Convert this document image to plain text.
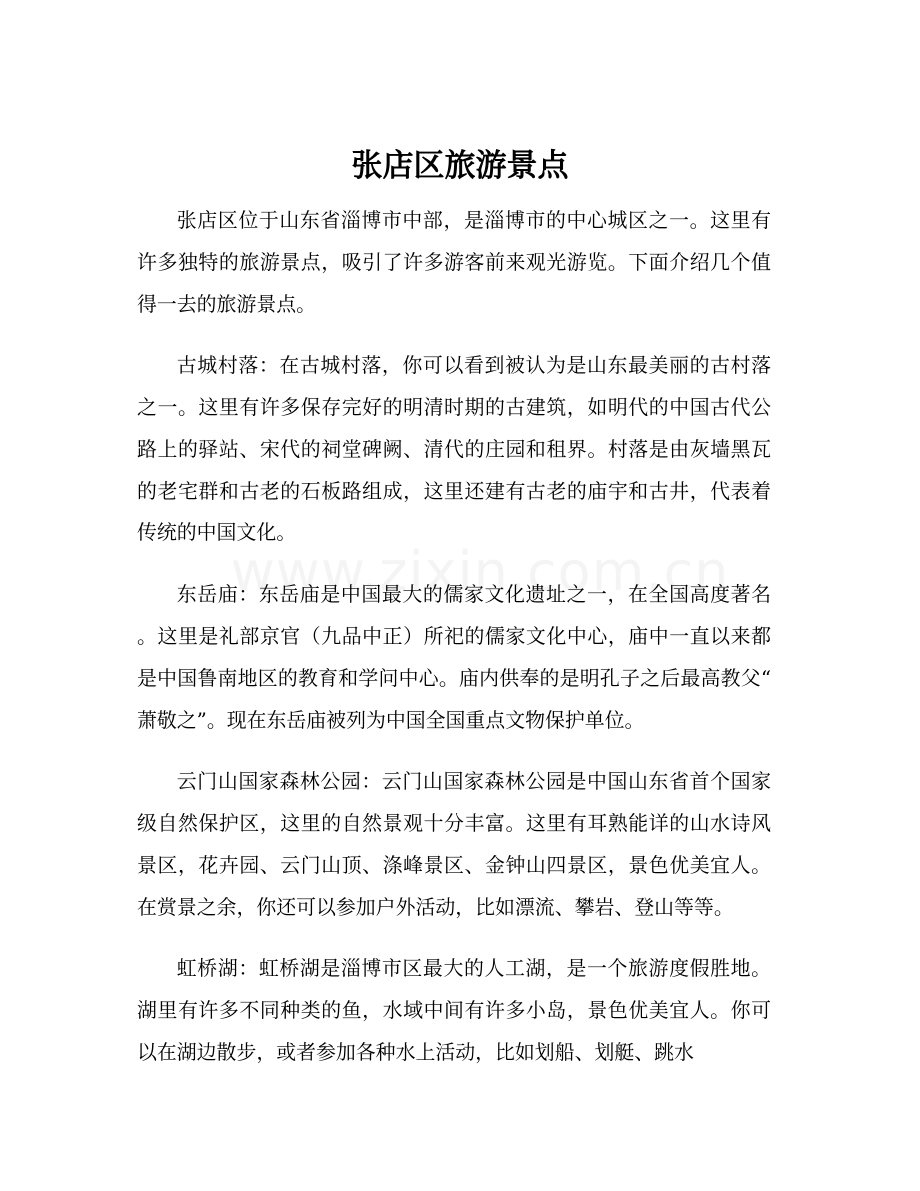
张店区旅游景点

张店区位于山东省淄博市中部，是淄博市的中心城区之一。这里有许多独特的旅游景点，吸引了许多游客前来观光游览。下面介绍几个值得一去的旅游景点。

古城村落：在古城村落，你可以看到被认为是山东最美丽的古村落之一。这里有许多保存完好的明清时期的古建筑，如明代的中国古代公路上的驿站、宋代的祠堂碑阙、清代的庄园和租界。村落是由灰墙黑瓦的老宅群和古老的石板路组成，这里还建有古老的庙宇和古井，代表着传统的中国文化。

东岳庙：东岳庙是中国最大的儒家文化遗址之一，在全国高度著名。这里是礼部京官（九品中正）所祀的儒家文化中心，庙中一直以来都是中国鲁南地区的教育和学问中心。庙内供奉的是明孔子之后最高教父“萧敬之”。现在东岳庙被列为中国全国重点文物保护单位。

云门山国家森林公园：云门山国家森林公园是中国山东省首个国家级自然保护区，这里的自然景观十分丰富。这里有耳熟能详的山水诗风景区，花卉园、云门山顶、涤峰景区、金钟山四景区，景色优美宜人。在赏景之余，你还可以参加户外活动，比如漂流、攀岩、登山等等。

虹桥湖：虹桥湖是淄博市区最大的人工湖，是一个旅游度假胜地。湖里有许多不同种类的鱼，水域中间有许多小岛，景色优美宜人。你可以在湖边散步，或者参加各种水上活动，比如划船、划艇、跳水
